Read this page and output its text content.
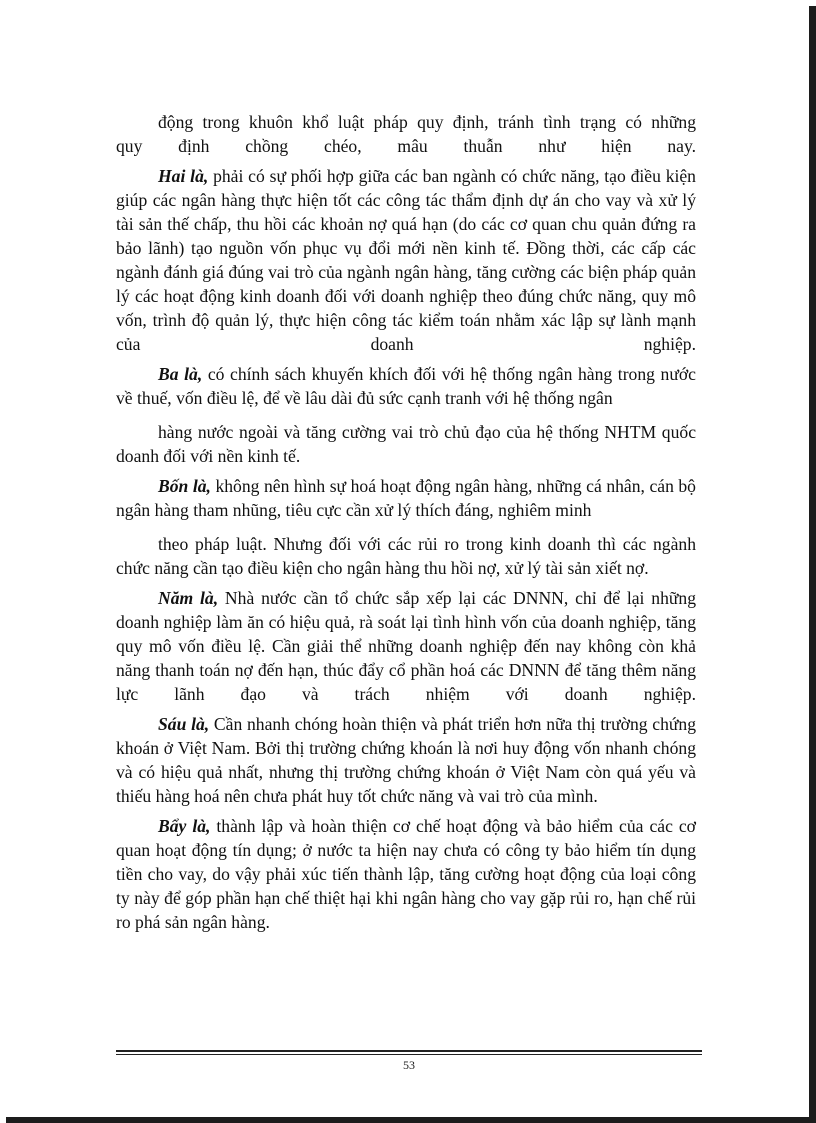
động trong khuôn khổ luật pháp quy định, tránh tình trạng có những

quy định chồng chéo, mâu thuẫn như hiện nay.

Hai là, phải có sự phối hợp giữa các ban ngành có chức năng, tạo điều kiện giúp các ngân hàng thực hiện tốt các công tác thẩm định dự án cho vay và xử lý tài sản thế chấp, thu hồi các khoản nợ quá hạn (do các cơ quan chu quản đứng ra bảo lãnh) tạo nguồn vốn phục vụ đổi mới nền kinh tế. Đồng thời, các cấp các ngành đánh giá đúng vai trò của ngành ngân hàng, tăng cường các biện pháp quản lý các hoạt động kinh doanh đối với doanh nghiệp theo đúng chức năng, quy mô vốn, trình độ quản lý, thực hiện công tác kiểm toán nhằm xác lập sự lành mạnh của doanh nghiệp.

Ba là, có chính sách khuyến khích đối với hệ thống ngân hàng trong nước về thuế, vốn điều lệ, để về lâu dài đủ sức cạnh tranh với hệ thống ngân

hàng nước ngoài và tăng cường vai trò chủ đạo của hệ thống NHTM quốc doanh đối với nền kinh tế.

Bốn là, không nên hình sự hoá hoạt động ngân hàng, những cá nhân, cán bộ ngân hàng tham nhũng, tiêu cực cần xử lý thích đáng, nghiêm minh

theo pháp luật. Nhưng đối với các rủi ro trong kinh doanh thì các ngành chức năng cần tạo điều kiện cho ngân hàng thu hồi nợ, xử lý tài sản xiết nợ.

Năm là, Nhà nước cần tổ chức sắp xếp lại các DNNN, chỉ để lại những doanh nghiệp làm ăn có hiệu quả, rà soát lại tình hình vốn của doanh nghiệp, tăng quy mô vốn điều lệ. Cần giải thể những doanh nghiệp đến nay không còn khả năng thanh toán nợ đến hạn, thúc đẩy cổ phần hoá các DNNN để tăng thêm năng lực lãnh đạo và trách nhiệm với doanh nghiệp.

Sáu là, Cần nhanh chóng hoàn thiện và phát triển hơn nữa thị trường chứng khoán ở Việt Nam. Bởi thị trường chứng khoán là nơi huy động vốn nhanh chóng và có hiệu quả nhất, nhưng thị trường chứng khoán ở Việt Nam còn quá yếu và thiếu hàng hoá nên chưa phát huy tốt chức năng và vai trò của mình.

Bẩy là, thành lập và hoàn thiện cơ chế hoạt động và bảo hiểm của các cơ quan hoạt động tín dụng; ở nước ta hiện nay chưa có công ty bảo hiểm tín dụng tiền cho vay, do vậy phải xúc tiến thành lập, tăng cường hoạt động của loại công ty này để góp phần hạn chế thiệt hại khi ngân hàng cho vay gặp rủi ro, hạn chế rủi ro phá sản ngân hàng.

53
